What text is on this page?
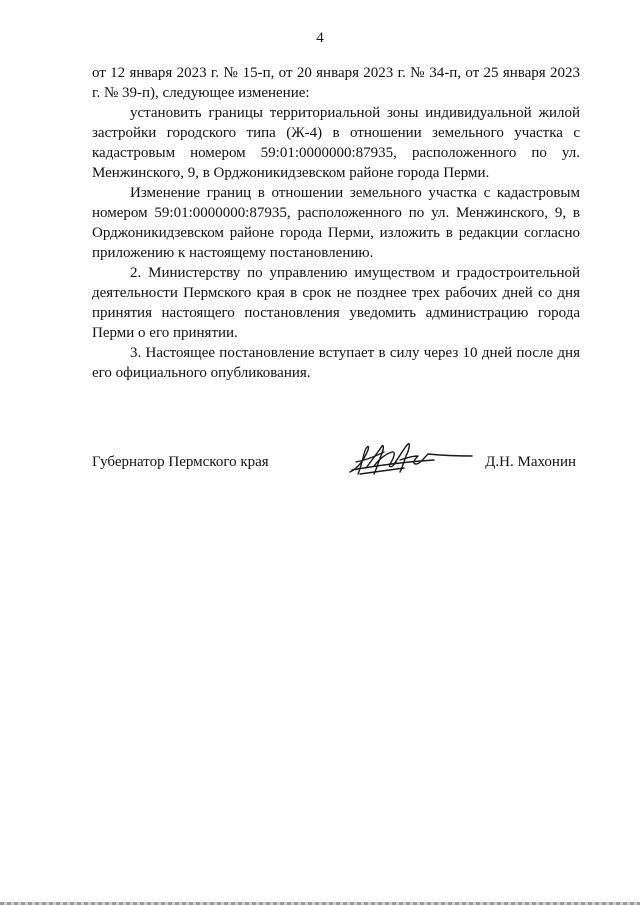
4

от 12 января 2023 г. № 15-п, от 20 января 2023 г. № 34-п, от 25 января 2023 г. № 39-п), следующее изменение:

установить границы территориальной зоны индивидуальной жилой застройки городского типа (Ж-4) в отношении земельного участка с кадастровым номером 59:01:0000000:87935, расположенного по ул. Менжинского, 9, в Орджоникидзевском районе города Перми.

Изменение границ в отношении земельного участка с кадастровым номером 59:01:0000000:87935, расположенного по ул. Менжинского, 9, в Орджоникидзевском районе города Перми, изложить в редакции согласно приложению к настоящему постановлению.

2. Министерству по управлению имуществом и градостроительной деятельности Пермского края в срок не позднее трех рабочих дней со дня принятия настоящего постановления уведомить администрацию города Перми о его принятии.

3. Настоящее постановление вступает в силу через 10 дней после дня его официального опубликования.

Губернатор Пермского края	Д.Н. Махонин
